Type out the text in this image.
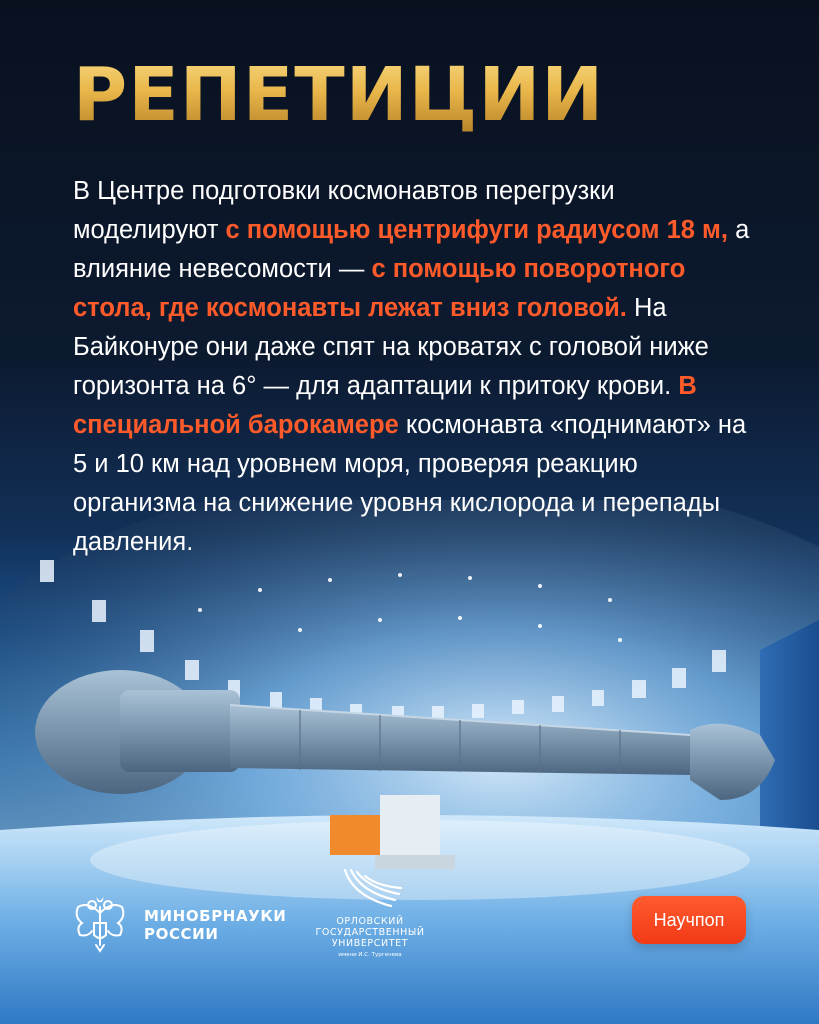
РЕПЕТИЦИИ
В Центре подготовки космонавтов перегрузки моделируют с помощью центрифуги радиусом 18 м, а влияние невесомости — с помощью поворотного стола, где космонавты лежат вниз головой. На Байконуре они даже спят на кроватях с головой ниже горизонта на 6° — для адаптации к притоку крови. В специальной барокамере космонавта «поднимают» на 5 и 10 км над уровнем моря, проверяя реакцию организма на снижение уровня кислорода и перепады давления.
МИНОБРНАУКИ
РОССИИ
ОРЛОВСКИЙ
ГОСУДАРСТВЕННЫЙ
УНИВЕРСИТЕТ
имени И.С. Тургенева
Научпоп
